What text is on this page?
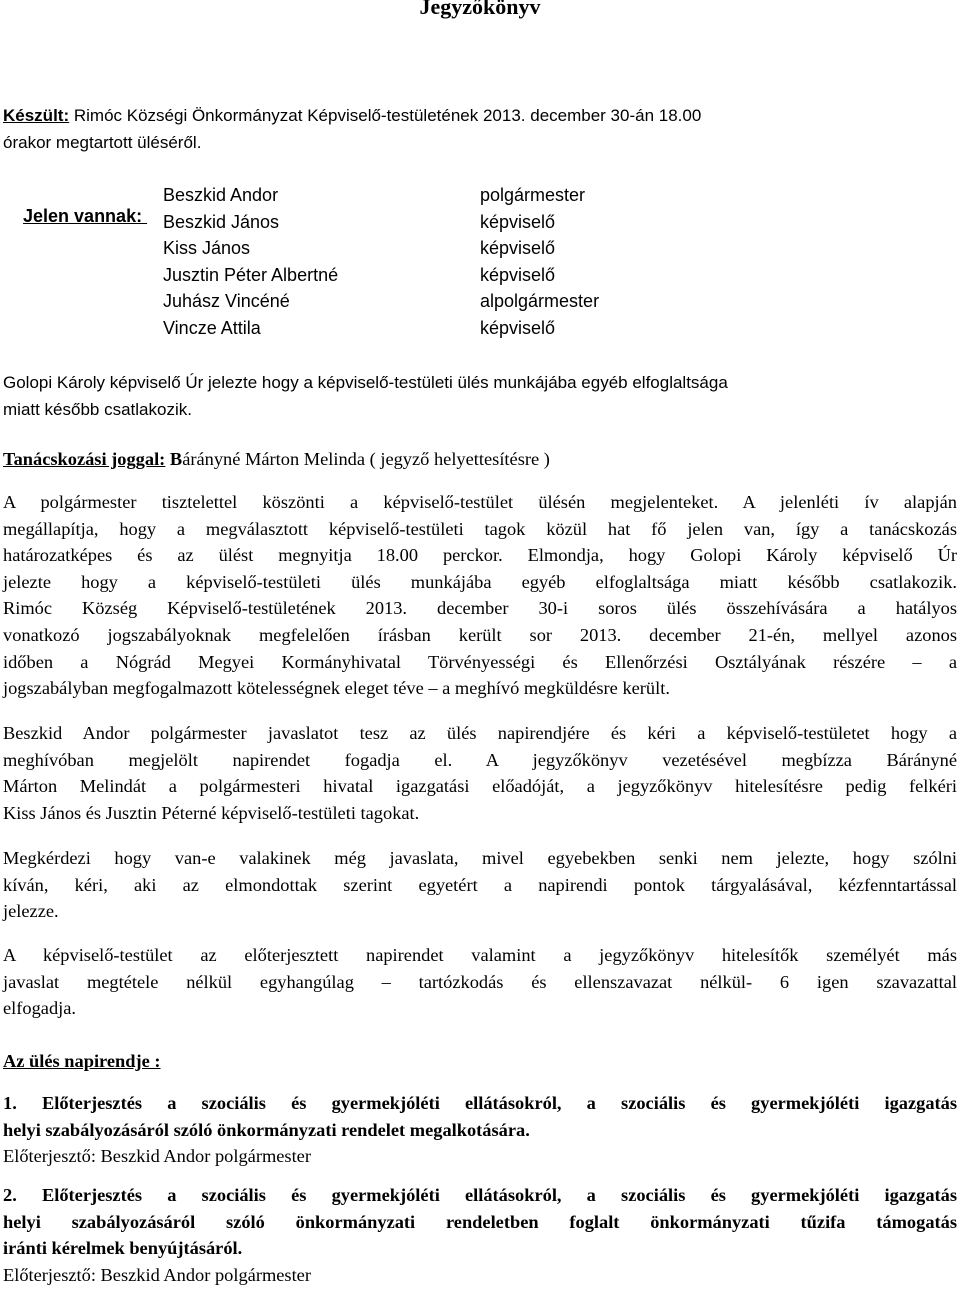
Jegyzőkönyv
Készült: Rimóc Községi Önkormányzat Képviselő-testületének 2013. december 30-án 18.00
órakor megtartott üléséről.

Jelen vannak:

Beszkid Andor	polgármester
Beszkid János	képviselő
Kiss János	képviselő
Jusztin Péter Albertné	képviselő
Juhász Vincéné	alpolgármester
Vincze Attila	képviselő
Golopi Károly képviselő Úr jelezte hogy a képviselő-testületi ülés munkájába egyéb elfoglaltsága
miatt később csatlakozik.
Tanácskozási joggal: Bárányné Márton Melinda ( jegyző helyettesítésre )
A polgármester tisztelettel köszönti a képviselő-testület ülésén megjelenteket. A jelenléti ív alapján
megállapítja, hogy a megválasztott képviselő-testületi tagok közül hat fő jelen van, így a tanácskozás
határozatképes és az ülést megnyitja 18.00 perckor. Elmondja, hogy Golopi Károly képviselő Úr
jelezte hogy a képviselő-testületi ülés munkájába egyéb elfoglaltsága miatt később csatlakozik.
Rimóc Község Képviselő-testületének 2013. december 30-i soros ülés összehívására a hatályos
vonatkozó jogszabályoknak megfelelően írásban került sor 2013. december 21-én, mellyel azonos
időben a Nógrád Megyei Kormányhivatal Törvényességi és Ellenőrzési Osztályának részére – a
jogszabályban megfogalmazott kötelességnek eleget téve – a meghívó megküldésre került.
Beszkid Andor polgármester javaslatot tesz az ülés napirendjére és kéri a képviselő-testületet hogy a
meghívóban megjelölt napirendet fogadja el. A jegyzőkönyv vezetésével megbízza Bárányné
Márton Melindát a polgármesteri hivatal igazgatási előadóját, a jegyzőkönyv hitelesítésre pedig felkéri
Kiss János és Jusztin Péterné képviselő-testületi tagokat.
Megkérdezi hogy van-e valakinek még javaslata, mivel egyebekben senki nem jelezte, hogy szólni
kíván, kéri, aki az elmondottak szerint egyetért a napirendi pontok tárgyalásával, kézfenntartással
jelezze.
A képviselő-testület az előterjesztett napirendet valamint a jegyzőkönyv hitelesítők személyét más
javaslat megtétele nélkül egyhangúlag – tartózkodás és ellenszavazat nélkül- 6 igen szavazattal
elfogadja.
Az ülés napirendje :
1. Előterjesztés a szociális és gyermekjóléti ellátásokról, a szociális és gyermekjóléti igazgatás
helyi szabályozásáról szóló önkormányzati rendelet megalkotására.
Előterjesztő: Beszkid Andor polgármester
2. Előterjesztés a szociális és gyermekjóléti ellátásokról, a szociális és gyermekjóléti igazgatás
helyi szabályozásáról szóló önkormányzati rendeletben foglalt önkormányzati tűzifa támogatás
iránti kérelmek benyújtásáról.
Előterjesztő: Beszkid Andor polgármester
